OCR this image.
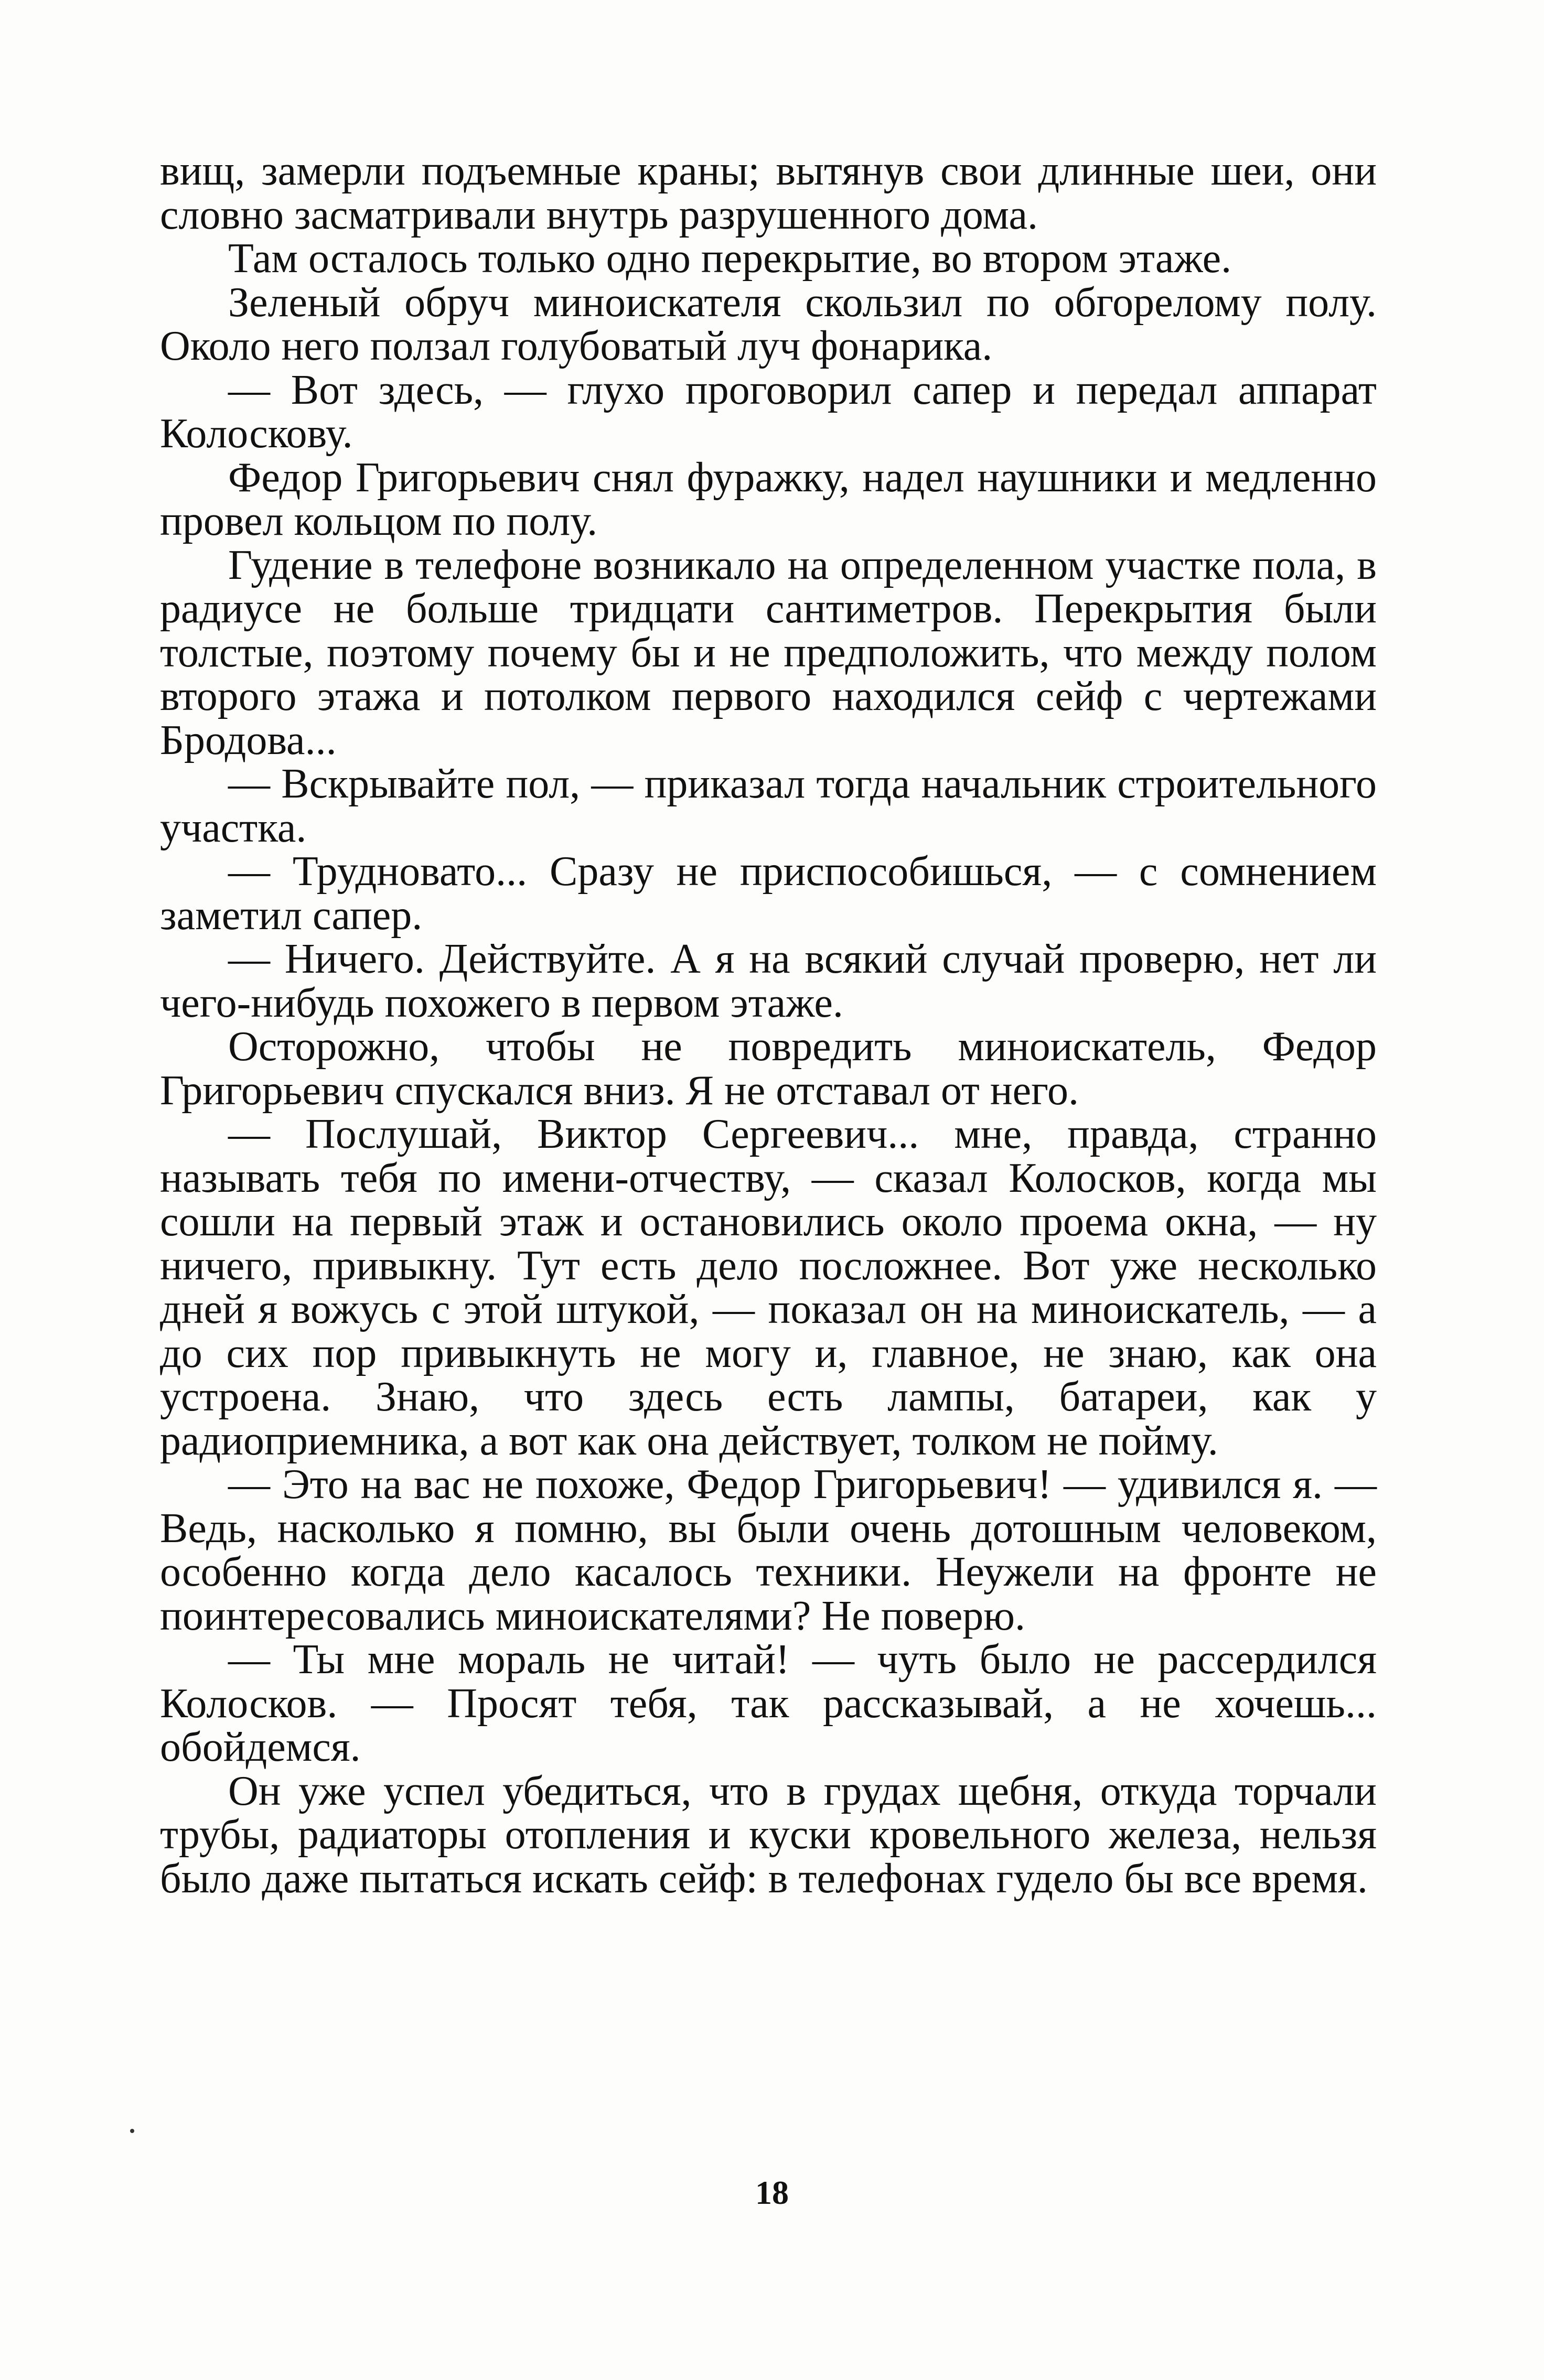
вищ, замерли подъемные краны; вытянув свои длинные шеи, они словно засматривали внутрь разрушенного дома.

Там осталось только одно перекрытие, во втором этаже.

Зеленый обруч миноискателя скользил по обгорелому полу. Около него ползал голубоватый луч фонарика.

— Вот здесь, — глухо проговорил сапер и передал аппарат Колоскову.

Федор Григорьевич снял фуражку, надел наушники и медленно провел кольцом по полу.

Гудение в телефоне возникало на определенном участке пола, в радиусе не больше тридцати сантиметров. Перекрытия были толстые, поэтому почему бы и не предположить, что между полом второго этажа и потолком первого находился сейф с чертежами Бродова...

— Вскрывайте пол, — приказал тогда начальник строительного участка.

— Трудновато... Сразу не приспособишься, — с сомнением заметил сапер.

— Ничего. Действуйте. А я на всякий случай проверю, нет ли чего-нибудь похожего в первом этаже.

Осторожно, чтобы не повредить миноискатель, Федор Григорьевич спускался вниз. Я не отставал от него.

— Послушай, Виктор Сергеевич... мне, правда, странно называть тебя по имени-отчеству, — сказал Колосков, когда мы сошли на первый этаж и остановились около проема окна, — ну ничего, привыкну. Тут есть дело посложнее. Вот уже несколько дней я вожусь с этой штукой, — показал он на миноискатель, — а до сих пор привыкнуть не могу и, главное, не знаю, как она устроена. Знаю, что здесь есть лампы, батареи, как у радиоприемника, а вот как она действует, толком не пойму.

— Это на вас не похоже, Федор Григорьевич! — удивился я. — Ведь, насколько я помню, вы были очень дотошным человеком, особенно когда дело касалось техники. Неужели на фронте не поинтересовались миноискателями? Не поверю.

— Ты мне мораль не читай! — чуть было не рассердился Колосков. — Просят тебя, так рассказывай, а не хочешь... обойдемся.

Он уже успел убедиться, что в грудах щебня, откуда торчали трубы, радиаторы отопления и куски кровельного железа, нельзя было даже пытаться искать сейф: в телефонах гудело бы все время.

18
